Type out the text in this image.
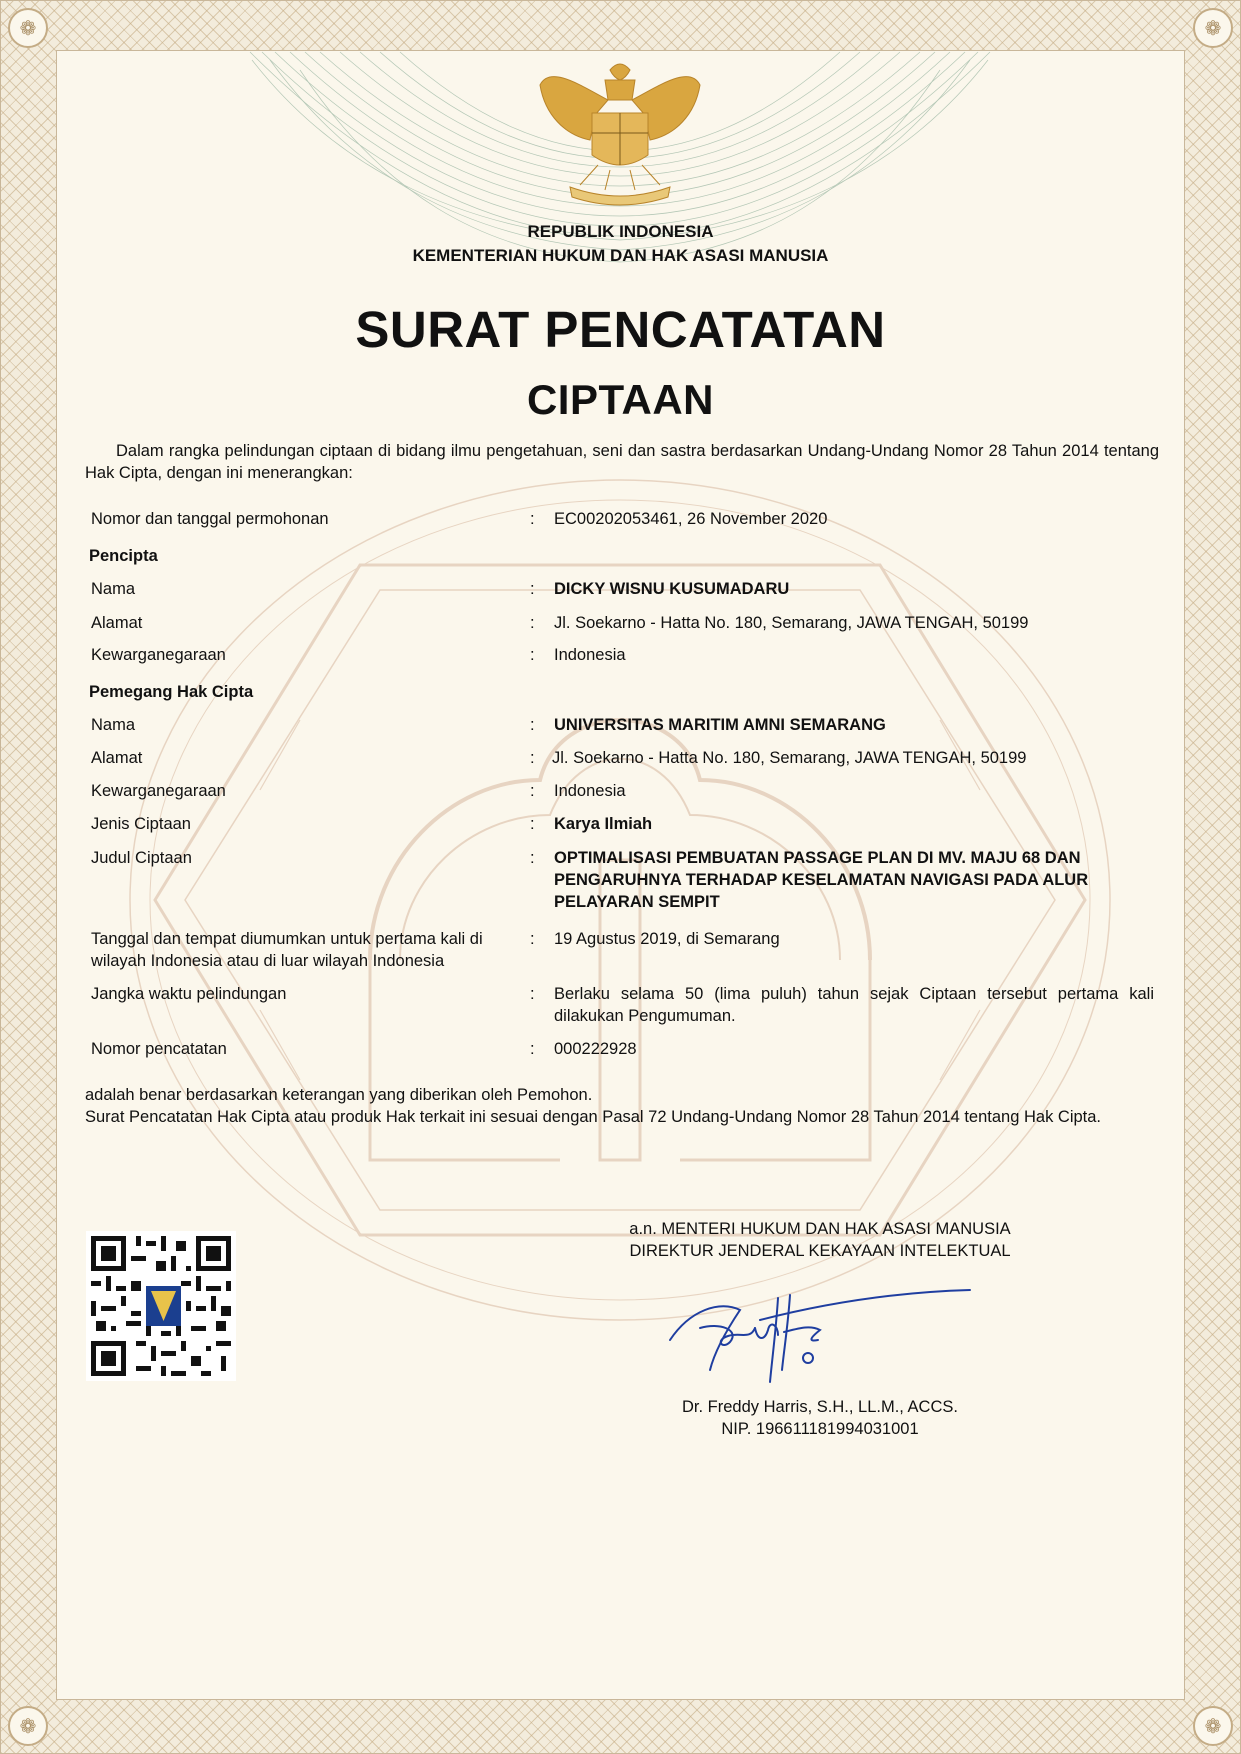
❁	❁
❁	❁
REPUBLIK INDONESIA
KEMENTERIAN HUKUM DAN HAK ASASI MANUSIA
SURAT PENCATATAN
CIPTAAN
Dalam rangka pelindungan ciptaan di bidang ilmu pengetahuan, seni dan sastra berdasarkan Undang-Undang Nomor 28 Tahun 2014 tentang Hak Cipta, dengan ini menerangkan:
Nomor dan tanggal permohonan	: EC00202053461, 26 November 2020
Pencipta
Nama	: DICKY WISNU KUSUMADARU
Alamat	: Jl. Soekarno - Hatta No. 180, Semarang, JAWA TENGAH, 50199
Kewarganegaraan	: Indonesia
Pemegang Hak Cipta
Nama	: UNIVERSITAS MARITIM AMNI SEMARANG
Alamat	: Jl. Soekarno - Hatta No. 180, Semarang, JAWA TENGAH, 50199
Kewarganegaraan	: Indonesia
Jenis Ciptaan	: Karya Ilmiah
Judul Ciptaan	: OPTIMALISASI PEMBUATAN PASSAGE PLAN DI MV. MAJU 68 DAN PENGARUHNYA TERHADAP KESELAMATAN NAVIGASI PADA ALUR PELAYARAN SEMPIT
Tanggal dan tempat diumumkan untuk pertama kali di wilayah Indonesia atau di luar wilayah Indonesia
: 19 Agustus 2019, di Semarang
Jangka waktu pelindungan	: Berlaku selama 50 (lima puluh) tahun sejak Ciptaan tersebut pertama kali dilakukan Pengumuman.
Nomor pencatatan	: 000222928
adalah benar berdasarkan keterangan yang diberikan oleh Pemohon.
Surat Pencatatan Hak Cipta atau produk Hak terkait ini sesuai dengan Pasal 72 Undang-Undang Nomor 28 Tahun 2014 tentang Hak Cipta.
a.n. MENTERI HUKUM DAN HAK ASASI MANUSIA
DIREKTUR JENDERAL KEKAYAAN INTELEKTUAL
Dr. Freddy Harris, S.H., LL.M., ACCS.
NIP. 196611181994031001
